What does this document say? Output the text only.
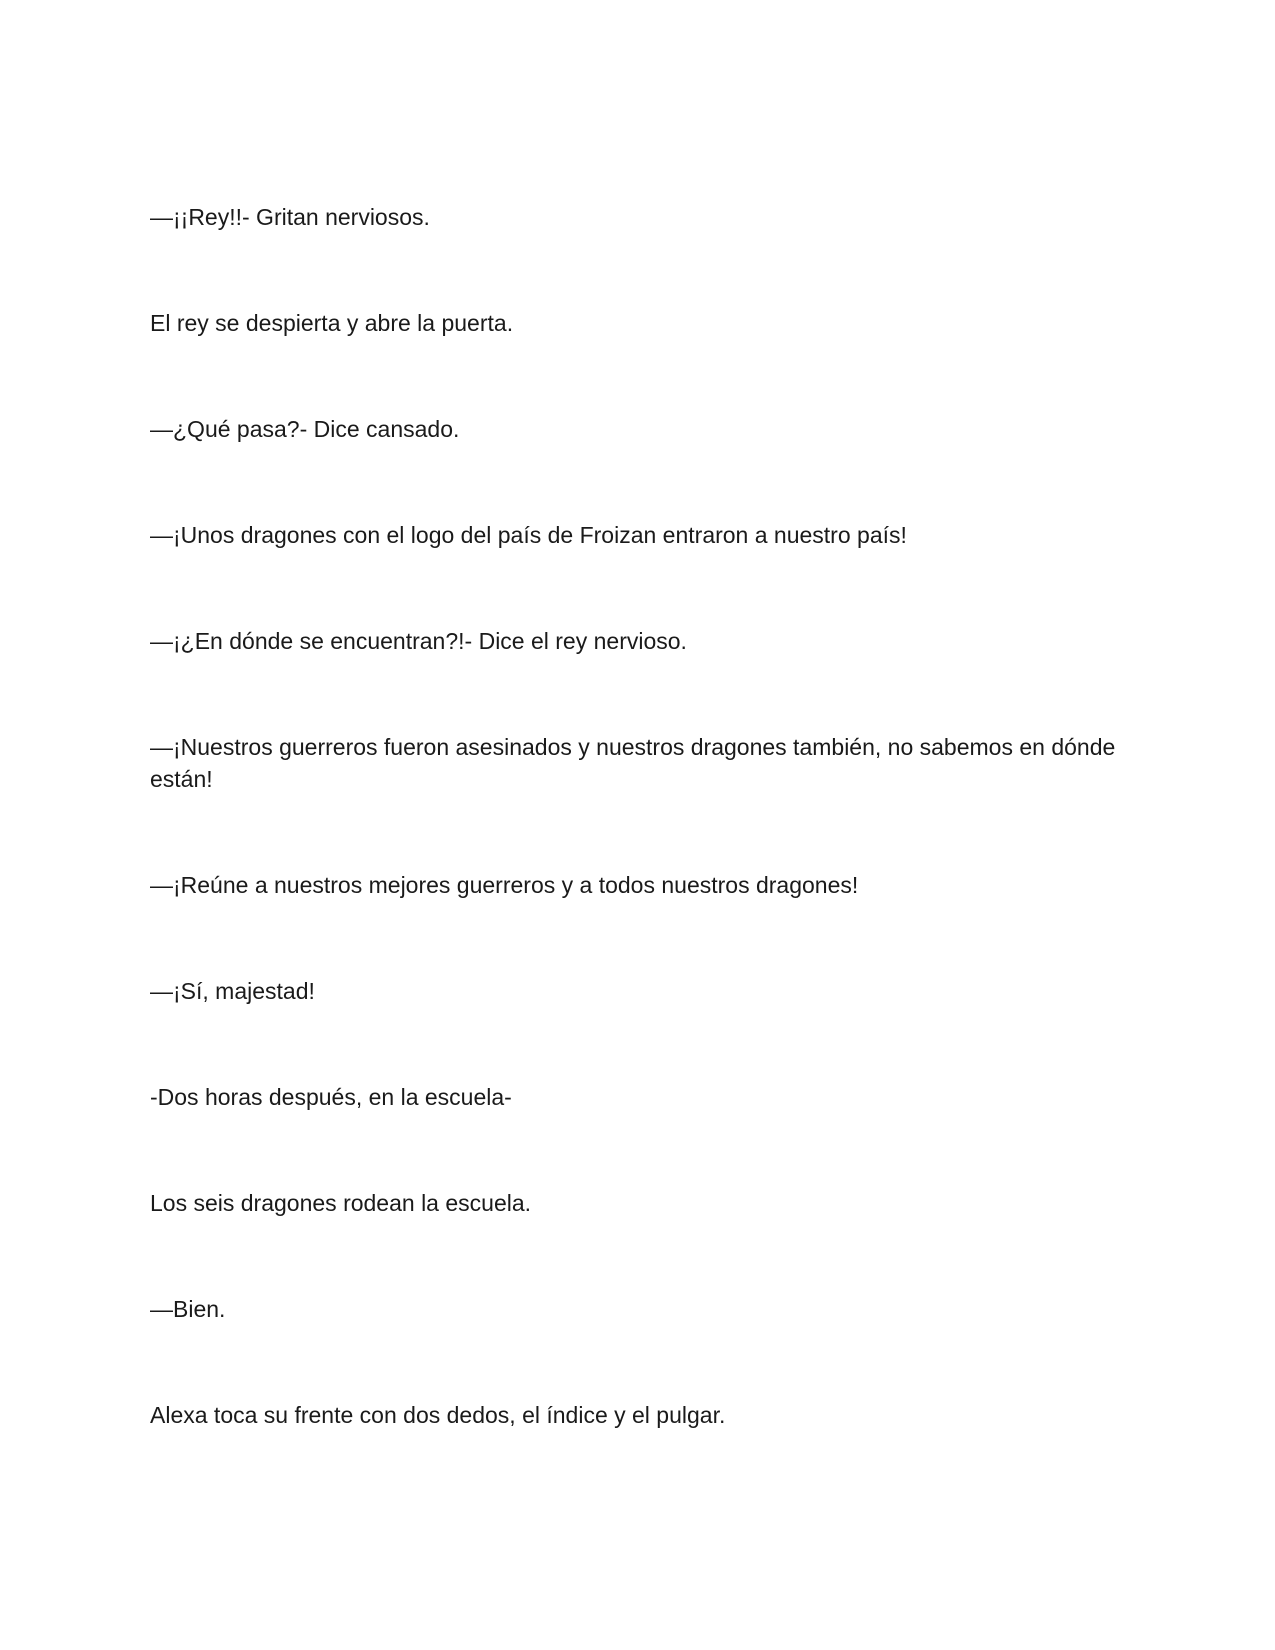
—¡¡Rey!!- Gritan nerviosos.

El rey se despierta y abre la puerta.

—¿Qué pasa?- Dice cansado.

—¡Unos dragones con el logo del país de Froizan entraron a nuestro país!

—¡¿En dónde se encuentran?!- Dice el rey nervioso.

—¡Nuestros guerreros fueron asesinados y nuestros dragones también, no sabemos en dónde están!

—¡Reúne a nuestros mejores guerreros y a todos nuestros dragones!

—¡Sí, majestad!

-Dos horas después, en la escuela-

Los seis dragones rodean la escuela.

—Bien.

Alexa toca su frente con dos dedos, el índice y el pulgar.
